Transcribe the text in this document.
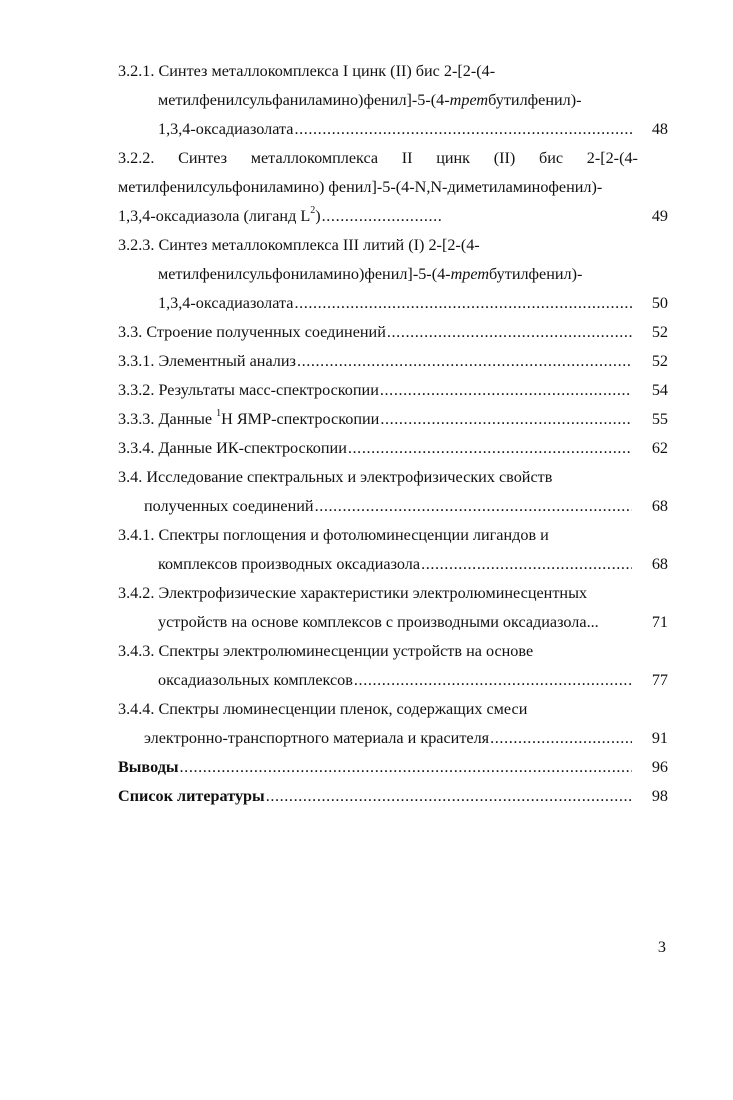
3.2.1. Синтез металлокомплекса I цинк (II) бис 2-[2-(4-
метилфенилсульфаниламино)фенил]-5-(4-третбутилфенил)-
1,3,4-оксадиазолата .....	48
3.2.2. Синтез металлокомплекса II цинк (II) бис 2-[2-(4-
метилфенилсульфониламино) фенил]-5-(4-N,N-диметиламинофенил)-
1,3,4-оксадиазола (лиганд $L^2$) .....	49
3.2.3. Синтез металлокомплекса III литий (I) 2-[2-(4-
метилфенилсульфониламино)фенил]-5-(4-третбутилфенил)-
1,3,4-оксадиазолата .....	50
3.3. Строение полученных соединений .....	52
3.3.1. Элементный анализ .....	52
3.3.2. Результаты масс-спектроскопии .....	54
3.3.3. Данные $^1$Н ЯМР-спектроскопии .....	55
3.3.4. Данные ИК-спектроскопии .....	62
3.4. Исследование спектральных и электрофизических свойств
полученных соединений .....	68
3.4.1. Спектры поглощения и фотолюминесценции лигандов и
комплексов производных оксадиазола .....	68
3.4.2. Электрофизические характеристики электролюминесцентных
устройств на основе комплексов с производными оксадиазола...	71
3.4.3. Спектры электролюминесценции устройств на основе
оксадиазольных комплексов .....	77
3.4.4. Спектры люминесценции пленок, содержащих смеси
электронно-транспортного материала и красителя .....	91
Выводы .....	96
Список литературы .....	98
3
